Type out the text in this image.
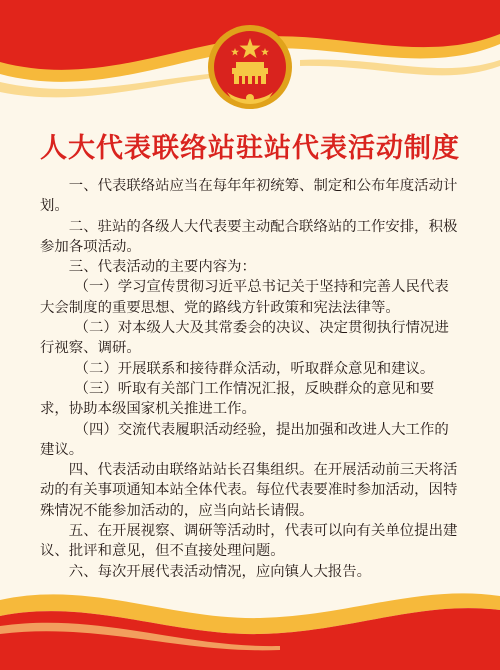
人大代表联络站驻站代表活动制度

一、代表联络站应当在每年年初统筹、制定和公布年度活动计划。

二、驻站的各级人大代表要主动配合联络站的工作安排，积极参加各项活动。

三、代表活动的主要内容为：

（一）学习宣传贯彻习近平总书记关于坚持和完善人民代表大会制度的重要思想、党的路线方针政策和宪法法律等。

（二）对本级人大及其常委会的决议、决定贯彻执行情况进行视察、调研。

（二）开展联系和接待群众活动，听取群众意见和建议。

（三）听取有关部门工作情况汇报，反映群众的意见和要求，协助本级国家机关推进工作。

（四）交流代表履职活动经验，提出加强和改进人大工作的建议。

四、代表活动由联络站站长召集组织。在开展活动前三天将活动的有关事项通知本站全体代表。每位代表要准时参加活动，因特殊情况不能参加活动的，应当向站长请假。

五、在开展视察、调研等活动时，代表可以向有关单位提出建议、批评和意见，但不直接处理问题。

六、每次开展代表活动情况，应向镇人大报告。
